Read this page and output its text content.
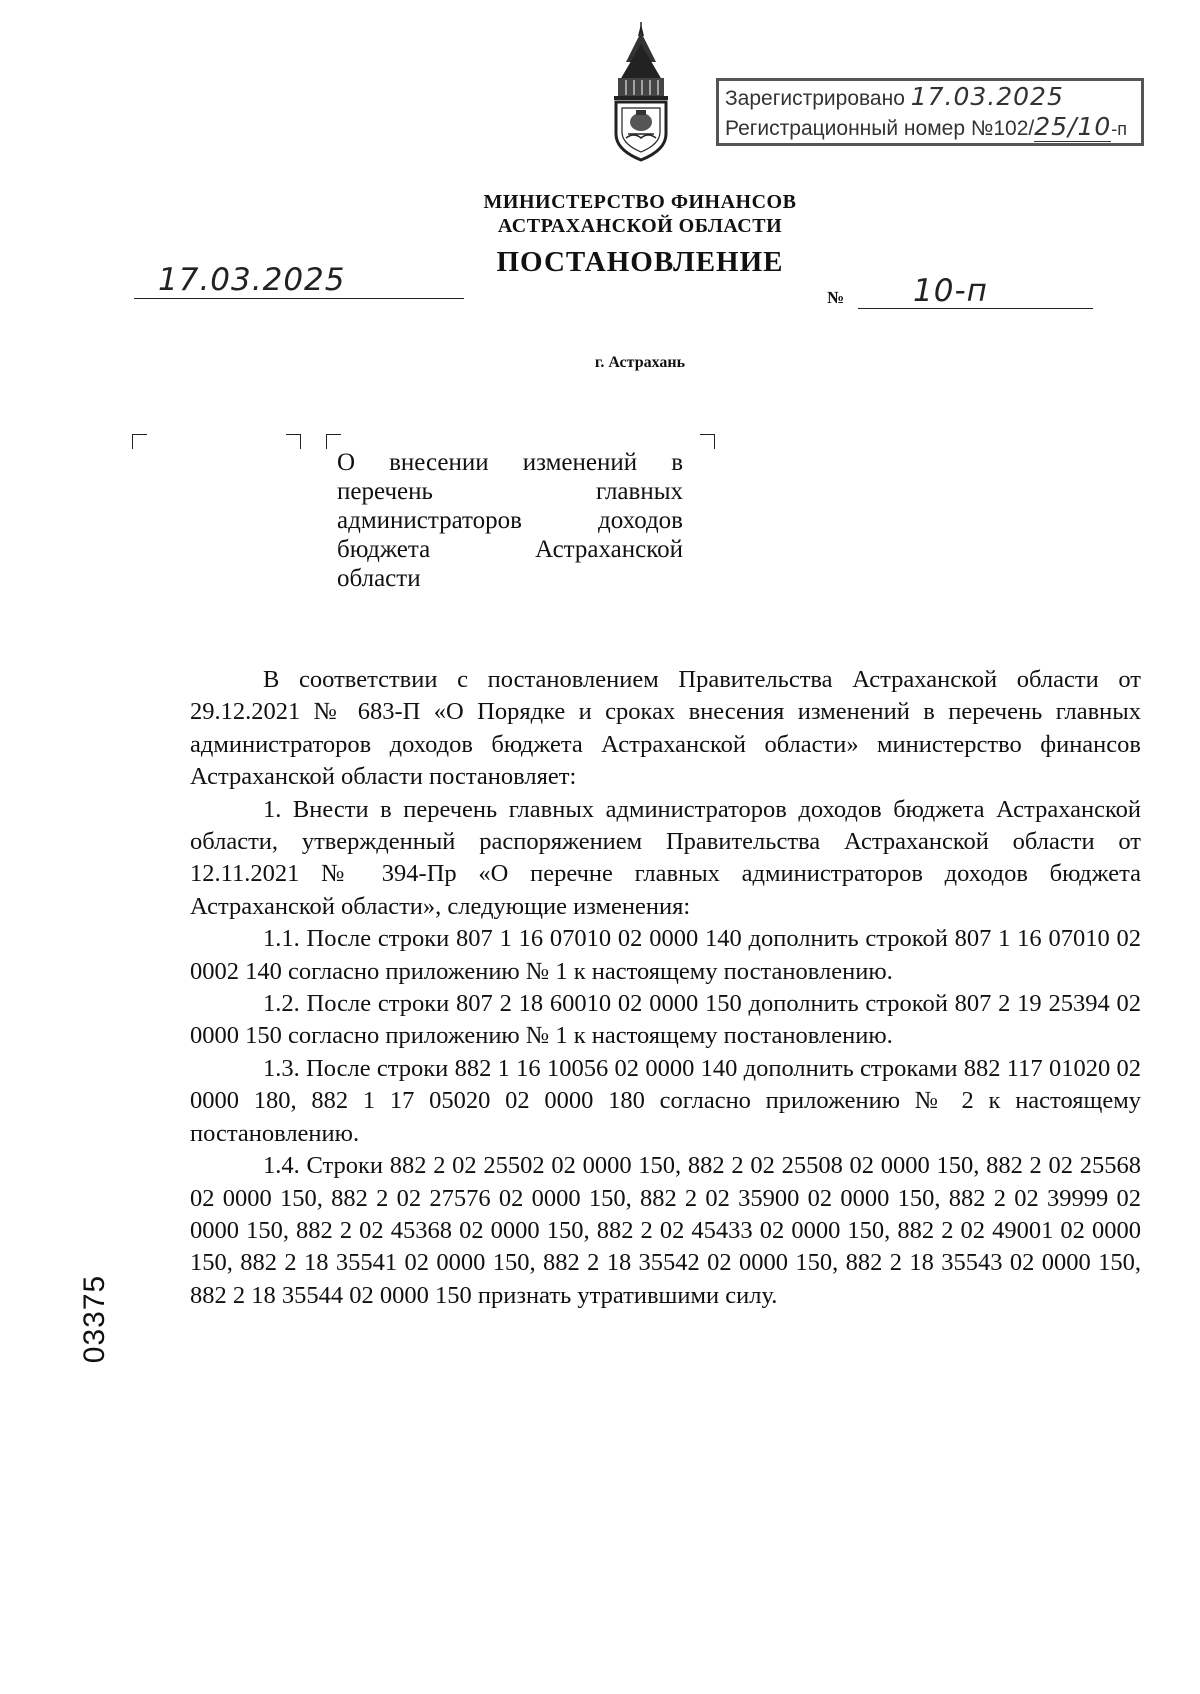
Зарегистрировано 17.03.2025
Регистрационный номер №102/25/10-п
МИНИСТЕРСТВО ФИНАНСОВ
АСТРАХАНСКОЙ ОБЛАСТИ
ПОСТАНОВЛЕНИЕ
17.03.2025	№ 10-п
г. Астрахань
О внесении изменений в
перечень главных
администраторов доходов
бюджета Астраханской
области

В соответствии с постановлением Правительства Астраханской области от 29.12.2021 № 683-П «О Порядке и сроках внесения изменений в перечень главных администраторов доходов бюджета Астраханской области» министерство финансов Астраханской области постановляет:

1. Внести в перечень главных администраторов доходов бюджета Астраханской области, утвержденный распоряжением Правительства Астраханской области от 12.11.2021 № 394-Пр «О перечне главных администраторов доходов бюджета Астраханской области», следующие изменения:

1.1. После строки 807 1 16 07010 02 0000 140 дополнить строкой 807 1 16 07010 02 0002 140 согласно приложению № 1 к настоящему постановлению.

1.2. После строки 807 2 18 60010 02 0000 150 дополнить строкой 807 2 19 25394 02 0000 150 согласно приложению № 1 к настоящему постановлению.

1.3. После строки 882 1 16 10056 02 0000 140 дополнить строками 882 117 01020 02 0000 180, 882 1 17 05020 02 0000 180 согласно приложению № 2 к настоящему постановлению.

1.4. Строки 882 2 02 25502 02 0000 150, 882 2 02 25508 02 0000 150, 882 2 02 25568 02 0000 150, 882 2 02 27576 02 0000 150, 882 2 02 35900 02 0000 150, 882 2 02 39999 02 0000 150, 882 2 02 45368 02 0000 150, 882 2 02 45433 02 0000 150, 882 2 02 49001 02 0000 150, 882 2 18 35541 02 0000 150, 882 2 18 35542 02 0000 150, 882 2 18 35543 02 0000 150, 882 2 18 35544 02 0000 150 признать утратившими силу.

03375
